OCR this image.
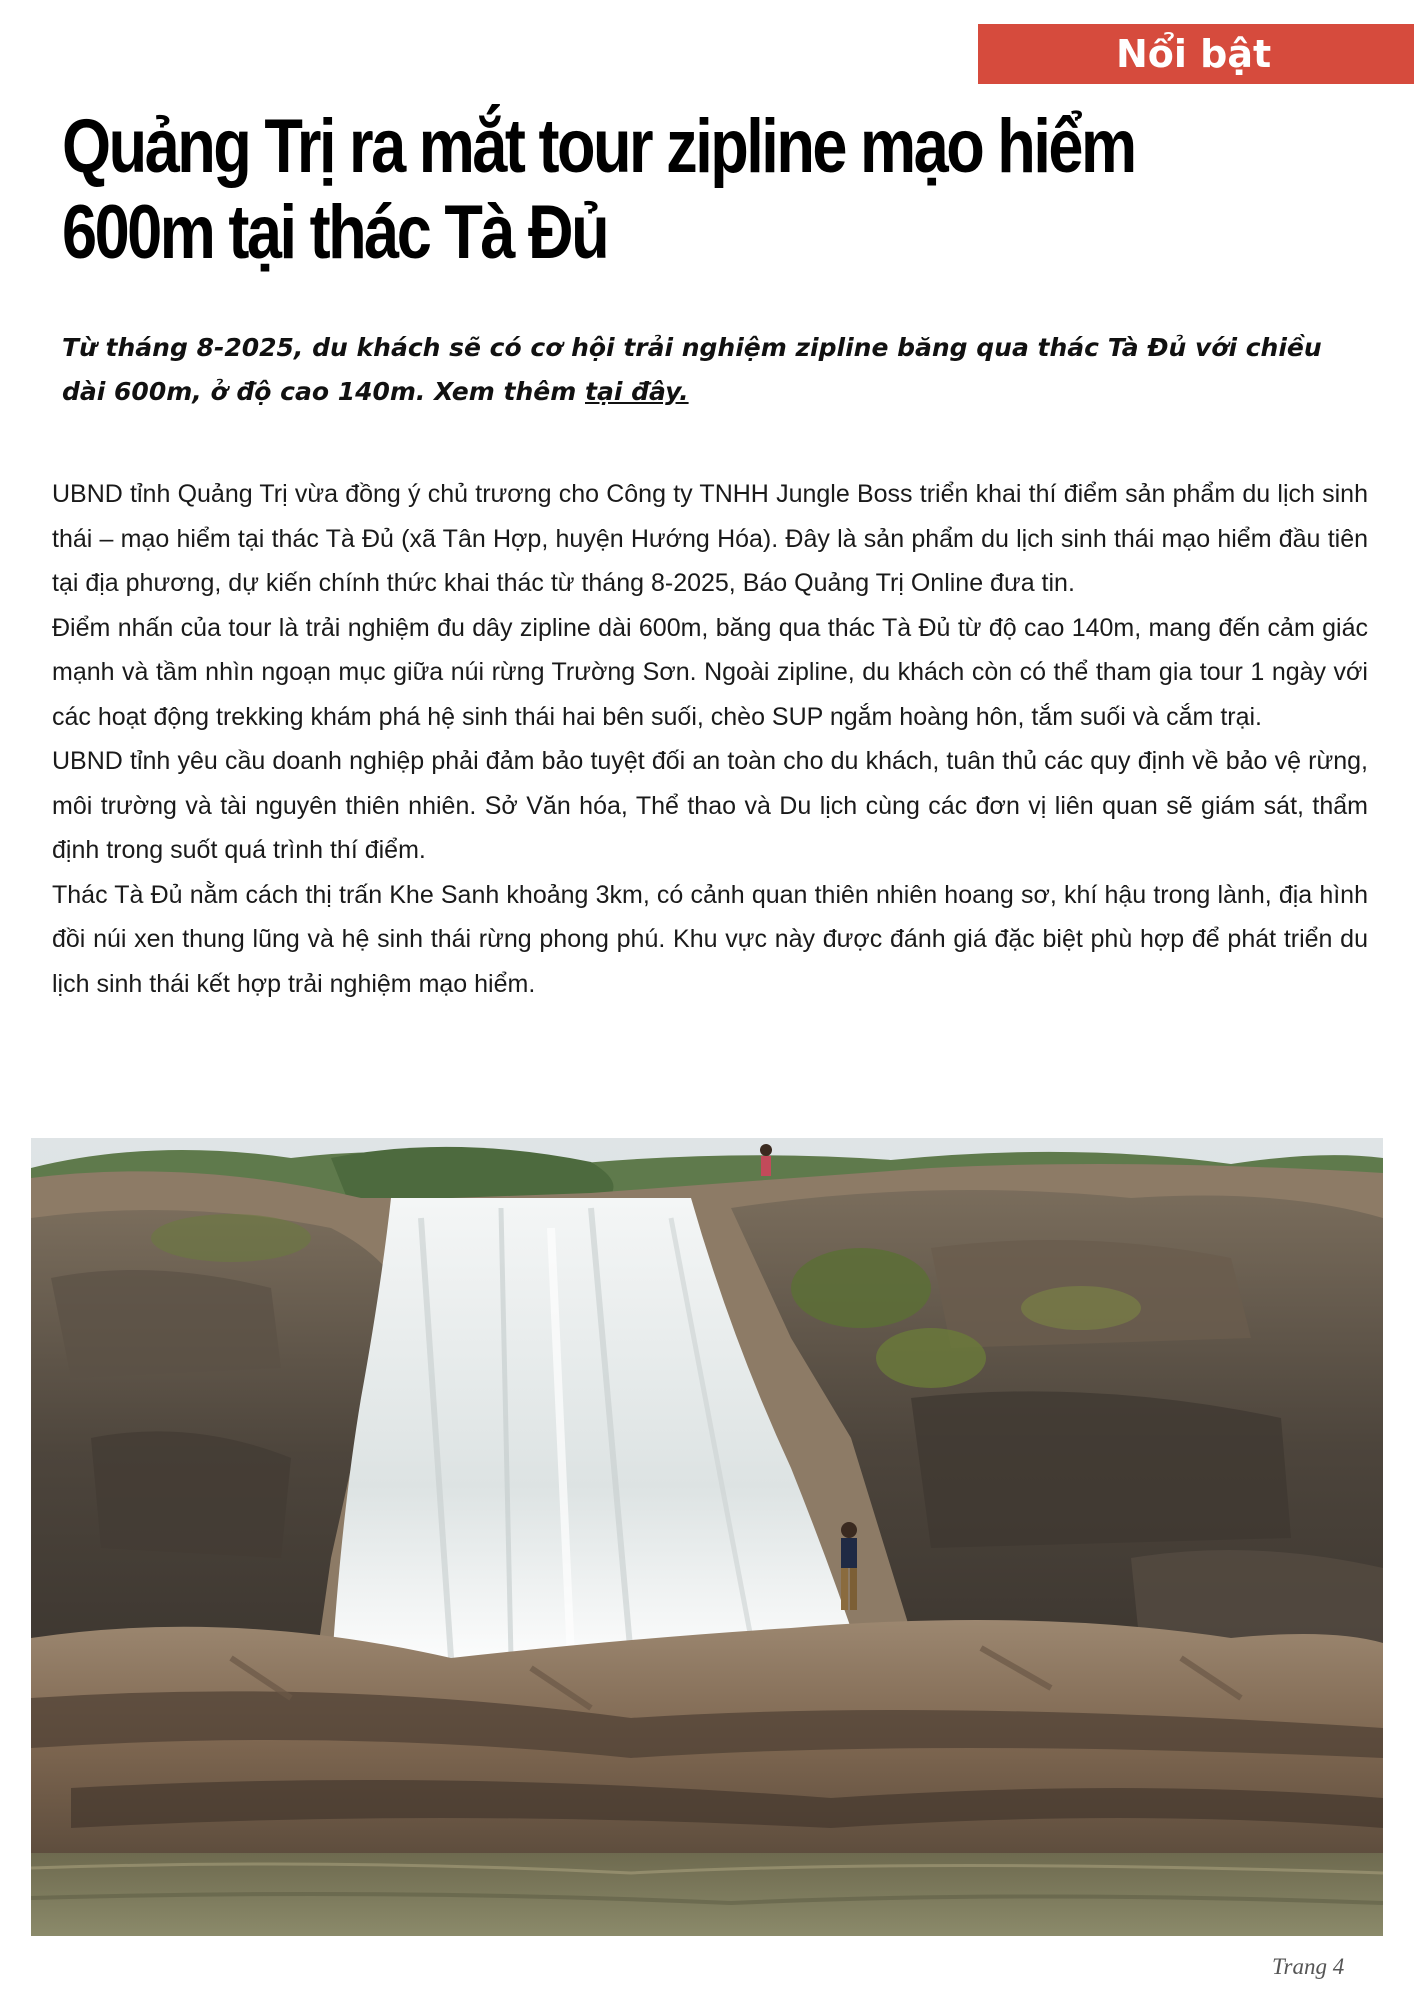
Nổi bật
Quảng Trị ra mắt tour zipline mạo hiểm 600m tại thác Tà Đủ

Từ tháng 8-2025, du khách sẽ có cơ hội trải nghiệm zipline băng qua thác Tà Đủ với chiều dài 600m, ở độ cao 140m. Xem thêm tại đây.

UBND tỉnh Quảng Trị vừa đồng ý chủ trương cho Công ty TNHH Jungle Boss triển khai thí điểm sản phẩm du lịch sinh thái – mạo hiểm tại thác Tà Đủ (xã Tân Hợp, huyện Hướng Hóa). Đây là sản phẩm du lịch sinh thái mạo hiểm đầu tiên tại địa phương, dự kiến chính thức khai thác từ tháng 8-2025, Báo Quảng Trị Online đưa tin.

Điểm nhấn của tour là trải nghiệm đu dây zipline dài 600m, băng qua thác Tà Đủ từ độ cao 140m, mang đến cảm giác mạnh và tầm nhìn ngoạn mục giữa núi rừng Trường Sơn. Ngoài zipline, du khách còn có thể tham gia tour 1 ngày với các hoạt động trekking khám phá hệ sinh thái hai bên suối, chèo SUP ngắm hoàng hôn, tắm suối và cắm trại.

UBND tỉnh yêu cầu doanh nghiệp phải đảm bảo tuyệt đối an toàn cho du khách, tuân thủ các quy định về bảo vệ rừng, môi trường và tài nguyên thiên nhiên. Sở Văn hóa, Thể thao và Du lịch cùng các đơn vị liên quan sẽ giám sát, thẩm định trong suốt quá trình thí điểm.

Thác Tà Đủ nằm cách thị trấn Khe Sanh khoảng 3km, có cảnh quan thiên nhiên hoang sơ, khí hậu trong lành, địa hình đồi núi xen thung lũng và hệ sinh thái rừng phong phú. Khu vực này được đánh giá đặc biệt phù hợp để phát triển du lịch sinh thái kết hợp trải nghiệm mạo hiểm.

Trang 4
